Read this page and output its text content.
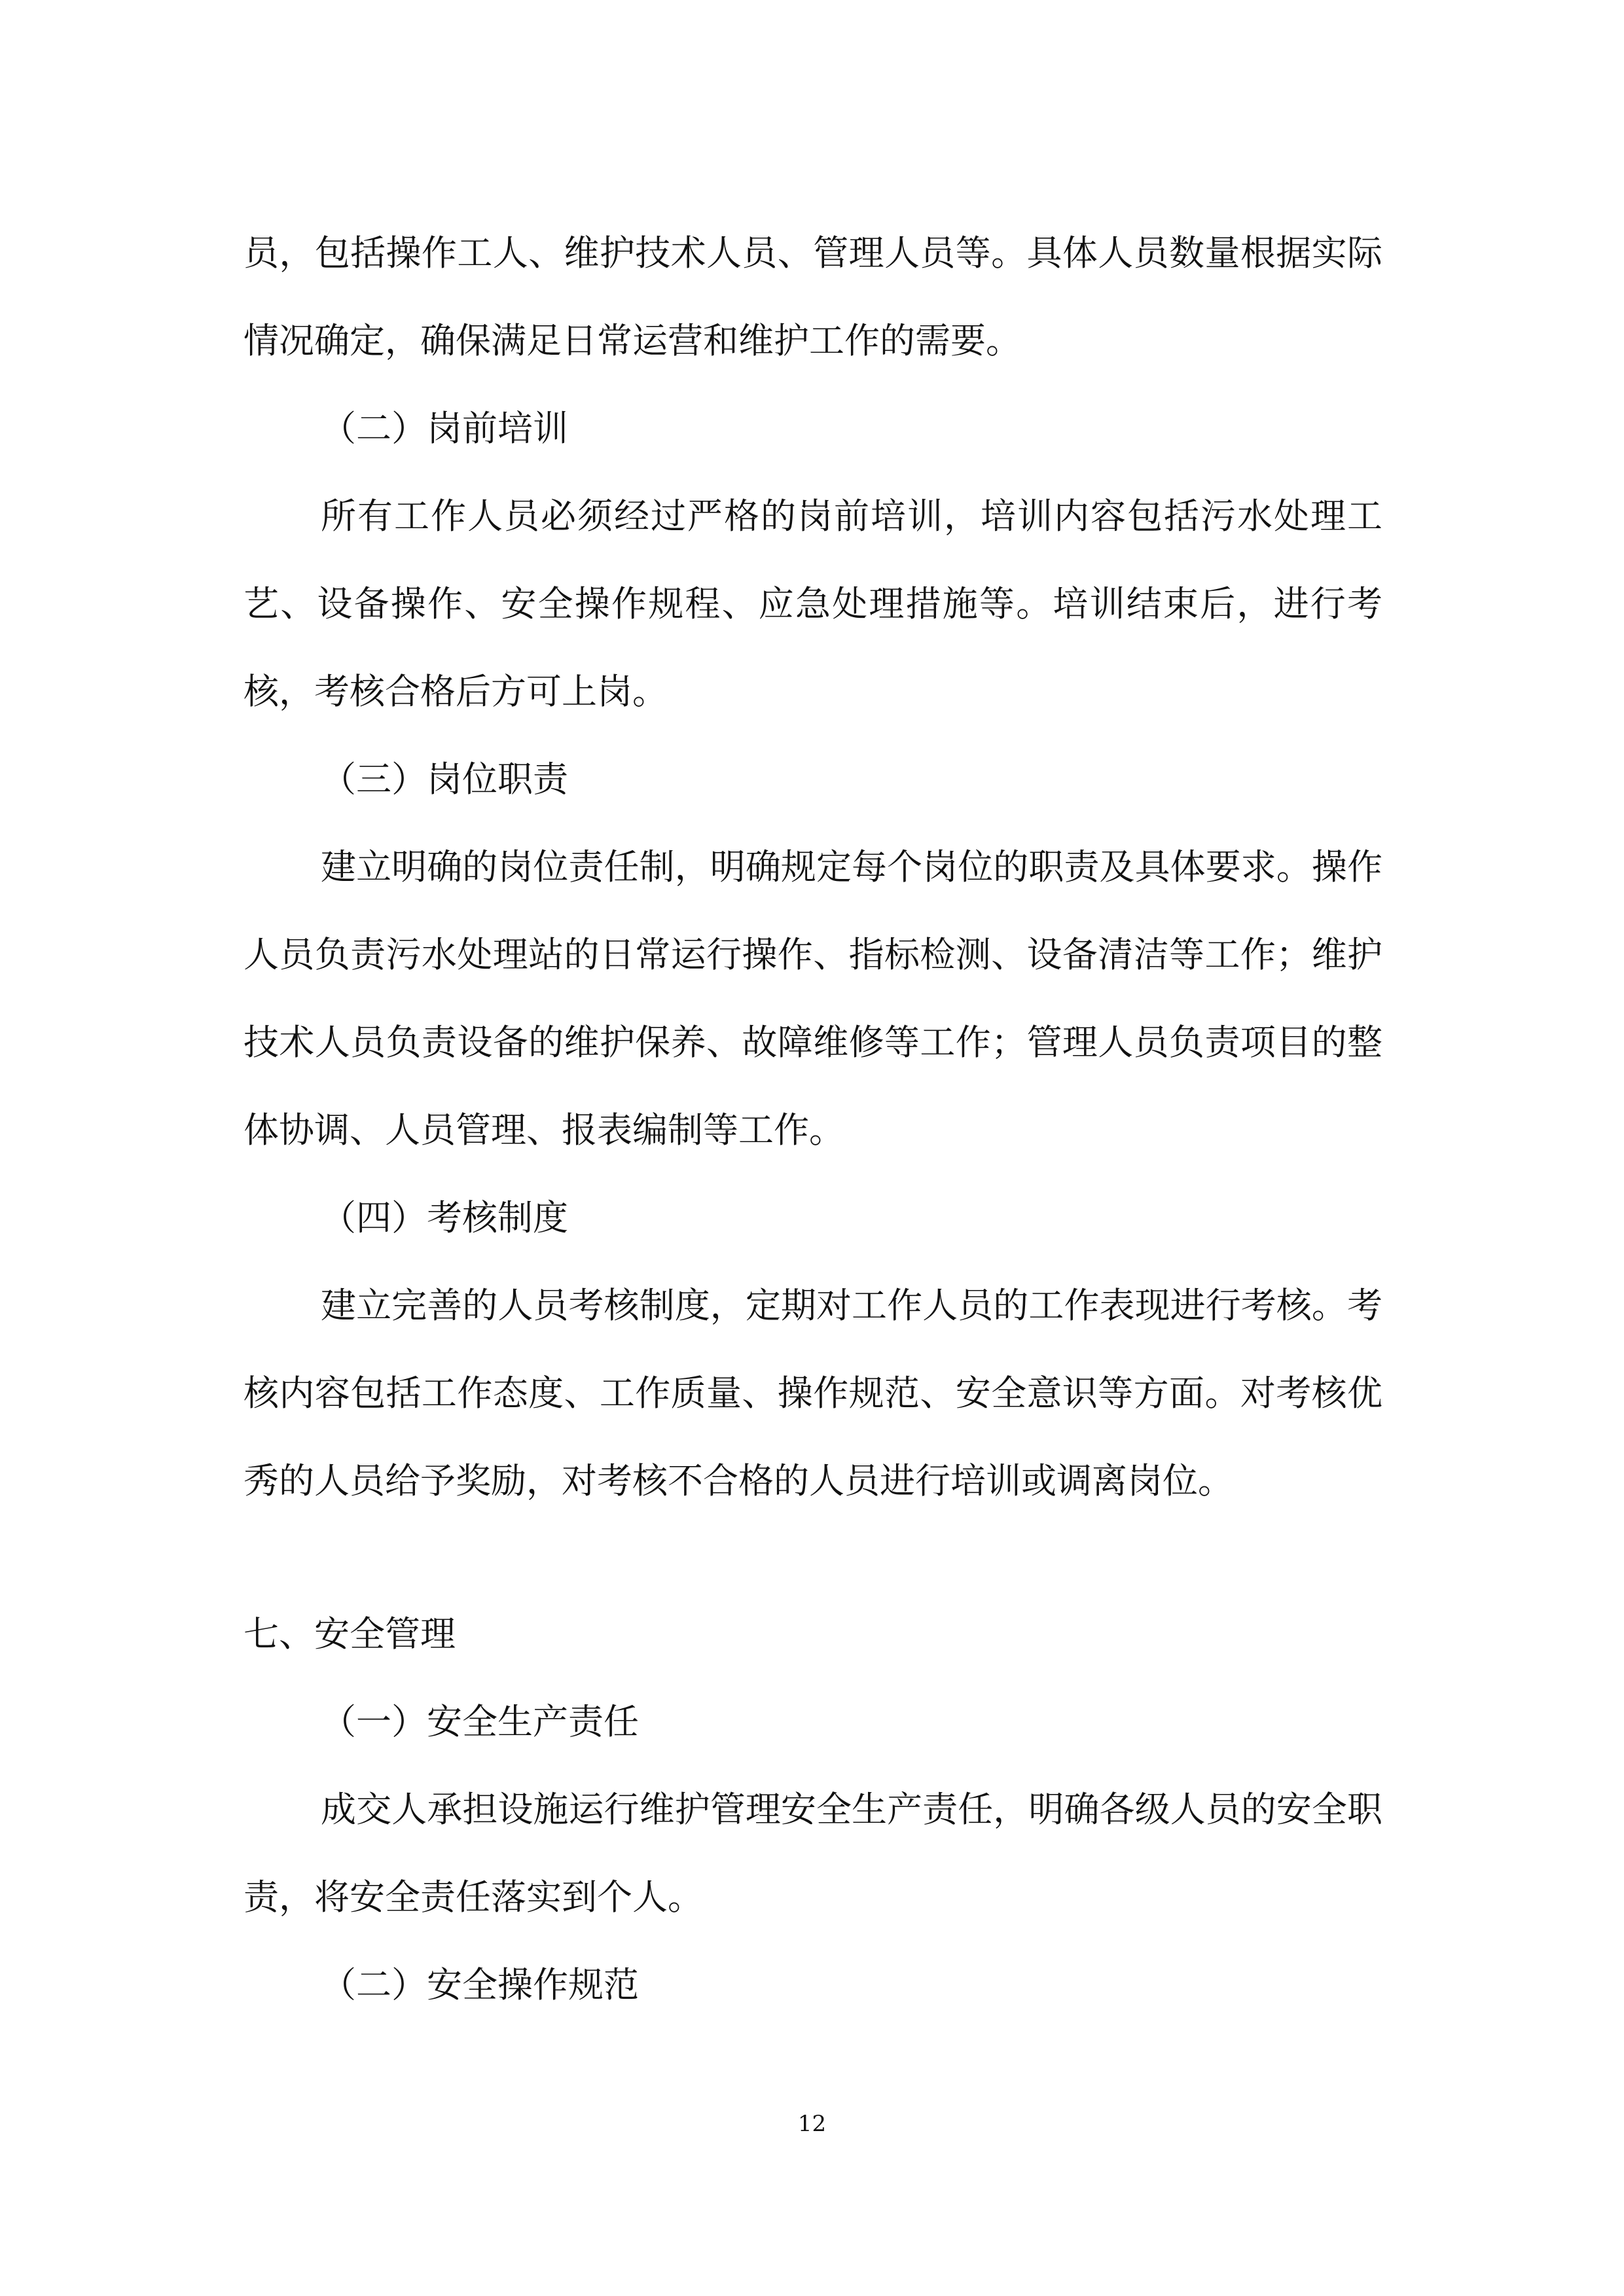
员，包括操作工人、维护技术人员、管理人员等。具体人员数量根据实际情况确定，确保满足日常运营和维护工作的需要。

（二）岗前培训

所有工作人员必须经过严格的岗前培训，培训内容包括污水处理工艺、设备操作、安全操作规程、应急处理措施等。培训结束后，进行考核，考核合格后方可上岗。

（三）岗位职责

建立明确的岗位责任制，明确规定每个岗位的职责及具体要求。操作人员负责污水处理站的日常运行操作、指标检测、设备清洁等工作；维护技术人员负责设备的维护保养、故障维修等工作；管理人员负责项目的整体协调、人员管理、报表编制等工作。

（四）考核制度

建立完善的人员考核制度，定期对工作人员的工作表现进行考核。考核内容包括工作态度、工作质量、操作规范、安全意识等方面。对考核优秀的人员给予奖励，对考核不合格的人员进行培训或调离岗位。

七、安全管理

（一）安全生产责任

成交人承担设施运行维护管理安全生产责任，明确各级人员的安全职责，将安全责任落实到个人。

（二）安全操作规范

12
